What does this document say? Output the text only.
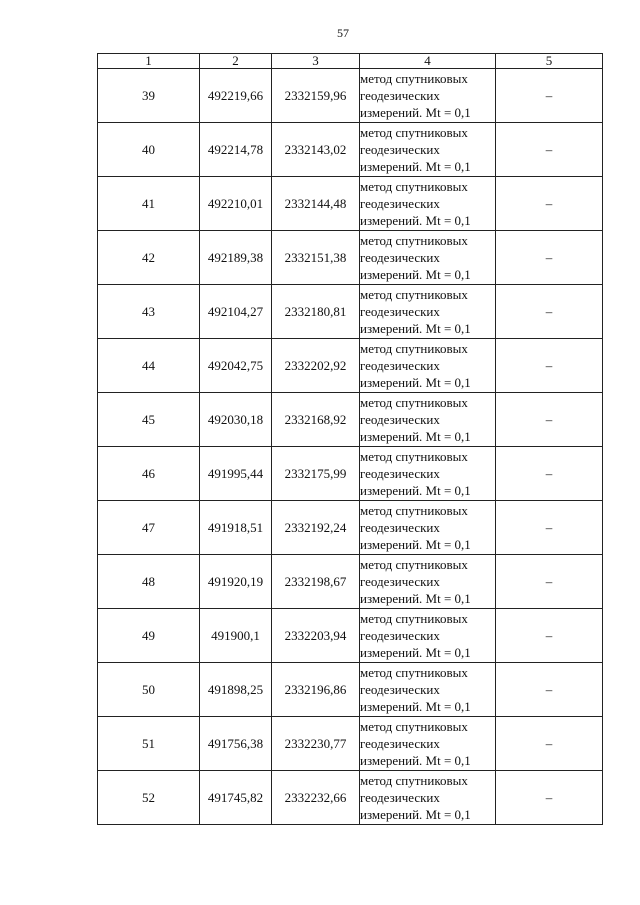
57
1	2	3	4	5
39	492219,66	2332159,96	метод спутниковых
геодезических
измерений. Mt = 0,1	–
40	492214,78	2332143,02	метод спутниковых
геодезических
измерений. Mt = 0,1	–
41	492210,01	2332144,48	метод спутниковых
геодезических
измерений. Mt = 0,1	–
42	492189,38	2332151,38	метод спутниковых
геодезических
измерений. Mt = 0,1	–
43	492104,27	2332180,81	метод спутниковых
геодезических
измерений. Mt = 0,1	–
44	492042,75	2332202,92	метод спутниковых
геодезических
измерений. Mt = 0,1	–
45	492030,18	2332168,92	метод спутниковых
геодезических
измерений. Mt = 0,1	–
46	491995,44	2332175,99	метод спутниковых
геодезических
измерений. Mt = 0,1	–
47	491918,51	2332192,24	метод спутниковых
геодезических
измерений. Mt = 0,1	–
48	491920,19	2332198,67	метод спутниковых
геодезических
измерений. Mt = 0,1	–
49	491900,1	2332203,94	метод спутниковых
геодезических
измерений. Mt = 0,1	–
50	491898,25	2332196,86	метод спутниковых
геодезических
измерений. Mt = 0,1	–
51	491756,38	2332230,77	метод спутниковых
геодезических
измерений. Mt = 0,1	–
52	491745,82	2332232,66	метод спутниковых
геодезических
измерений. Mt = 0,1	–
